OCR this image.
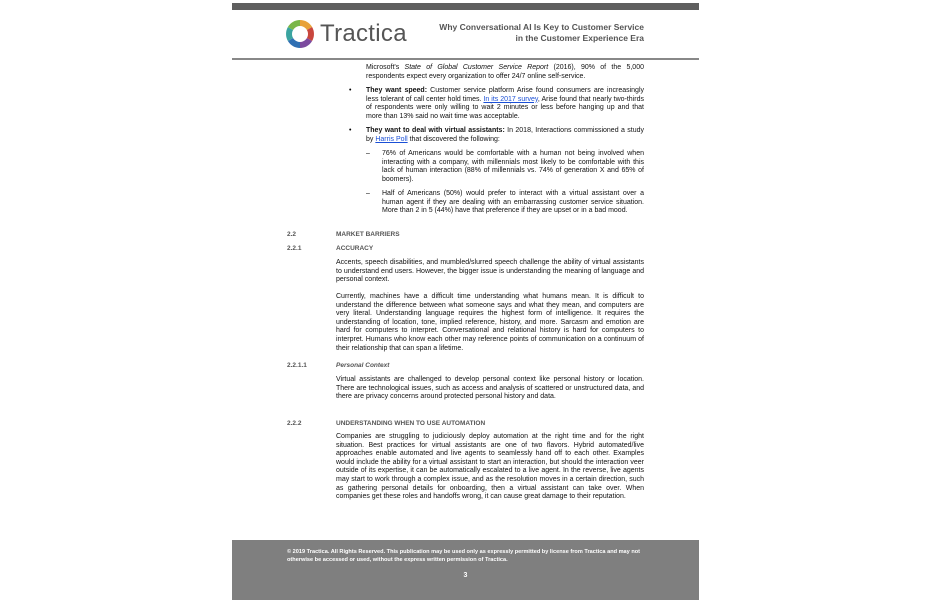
Tractica	Why Conversational AI Is Key to Customer Service
in the Customer Experience Era
Microsoft's State of Global Customer Service Report (2016), 90% of the 5,000 respondents expect every organization to offer 24/7 online self-service.
• They want speed: Customer service platform Arise found consumers are increasingly less tolerant of call center hold times. In its 2017 survey, Arise found that nearly two-thirds of respondents were only willing to wait 2 minutes or less before hanging up and that more than 13% said no wait time was acceptable.
• They want to deal with virtual assistants: In 2018, Interactions commissioned a study by Harris Poll that discovered the following:
– 76% of Americans would be comfortable with a human not being involved when interacting with a company, with millennials most likely to be comfortable with this lack of human interaction (88% of millennials vs. 74% of generation X and 65% of boomers).
– Half of Americans (50%) would prefer to interact with a virtual assistant over a human agent if they are dealing with an embarrassing customer service situation. More than 2 in 5 (44%) have that preference if they are upset or in a bad mood.
2.2	MARKET BARRIERS
2.2.1	ACCURACY
Accents, speech disabilities, and mumbled/slurred speech challenge the ability of virtual assistants to understand end users. However, the bigger issue is understanding the meaning of language and personal context.
Currently, machines have a difficult time understanding what humans mean. It is difficult to understand the difference between what someone says and what they mean, and computers are very literal. Understanding language requires the highest form of intelligence. It requires the understanding of location, tone, implied reference, history, and more. Sarcasm and emotion are hard for computers to interpret. Conversational and relational history is hard for computers to interpret. Humans who know each other may reference points of communication on a continuum of their relationship that can span a lifetime.
2.2.1.1	Personal Context
Virtual assistants are challenged to develop personal context like personal history or location. There are technological issues, such as access and analysis of scattered or unstructured data, and there are privacy concerns around protected personal history and data.
2.2.2	UNDERSTANDING WHEN TO USE AUTOMATION
Companies are struggling to judiciously deploy automation at the right time and for the right situation. Best practices for virtual assistants are one of two flavors. Hybrid automated/live approaches enable automated and live agents to seamlessly hand off to each other. Examples would include the ability for a virtual assistant to start an interaction, but should the interaction veer outside of its expertise, it can be automatically escalated to a live agent. In the reverse, live agents may start to work through a complex issue, and as the resolution moves in a certain direction, such as gathering personal details for onboarding, then a virtual assistant can take over. When companies get these roles and handoffs wrong, it can cause great damage to their reputation.
© 2019 Tractica. All Rights Reserved. This publication may be used only as expressly permitted by license from Tractica and may not otherwise be accessed or used, without the express written permission of Tractica.
3
